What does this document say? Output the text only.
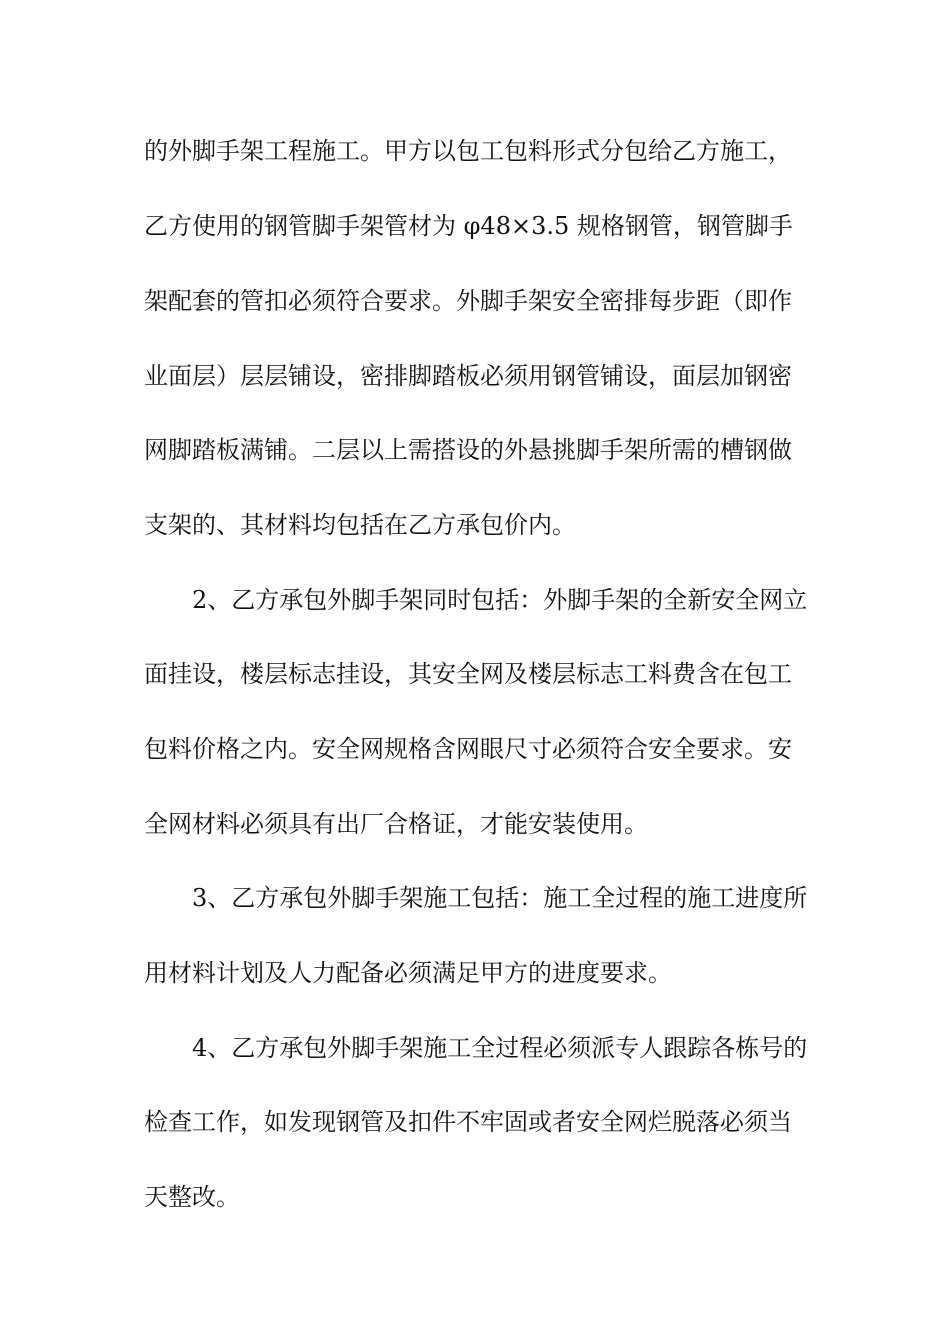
的外脚手架工程施工。甲方以包工包料形式分包给乙方施工，
乙方使用的钢管脚手架管材为 φ48×3.5 规格钢管，钢管脚手
架配套的管扣必须符合要求。外脚手架安全密排每步距（即作
业面层）层层铺设，密排脚踏板必须用钢管铺设，面层加钢密
网脚踏板满铺。二层以上需搭设的外悬挑脚手架所需的槽钢做
支架的、其材料均包括在乙方承包价内。
2、乙方承包外脚手架同时包括：外脚手架的全新安全网立
面挂设，楼层标志挂设，其安全网及楼层标志工料费含在包工
包料价格之内。安全网规格含网眼尺寸必须符合安全要求。安
全网材料必须具有出厂合格证，才能安装使用。
3、乙方承包外脚手架施工包括：施工全过程的施工进度所
用材料计划及人力配备必须满足甲方的进度要求。
4、乙方承包外脚手架施工全过程必须派专人跟踪各栋号的
检查工作，如发现钢管及扣件不牢固或者安全网烂脱落必须当
天整改。
